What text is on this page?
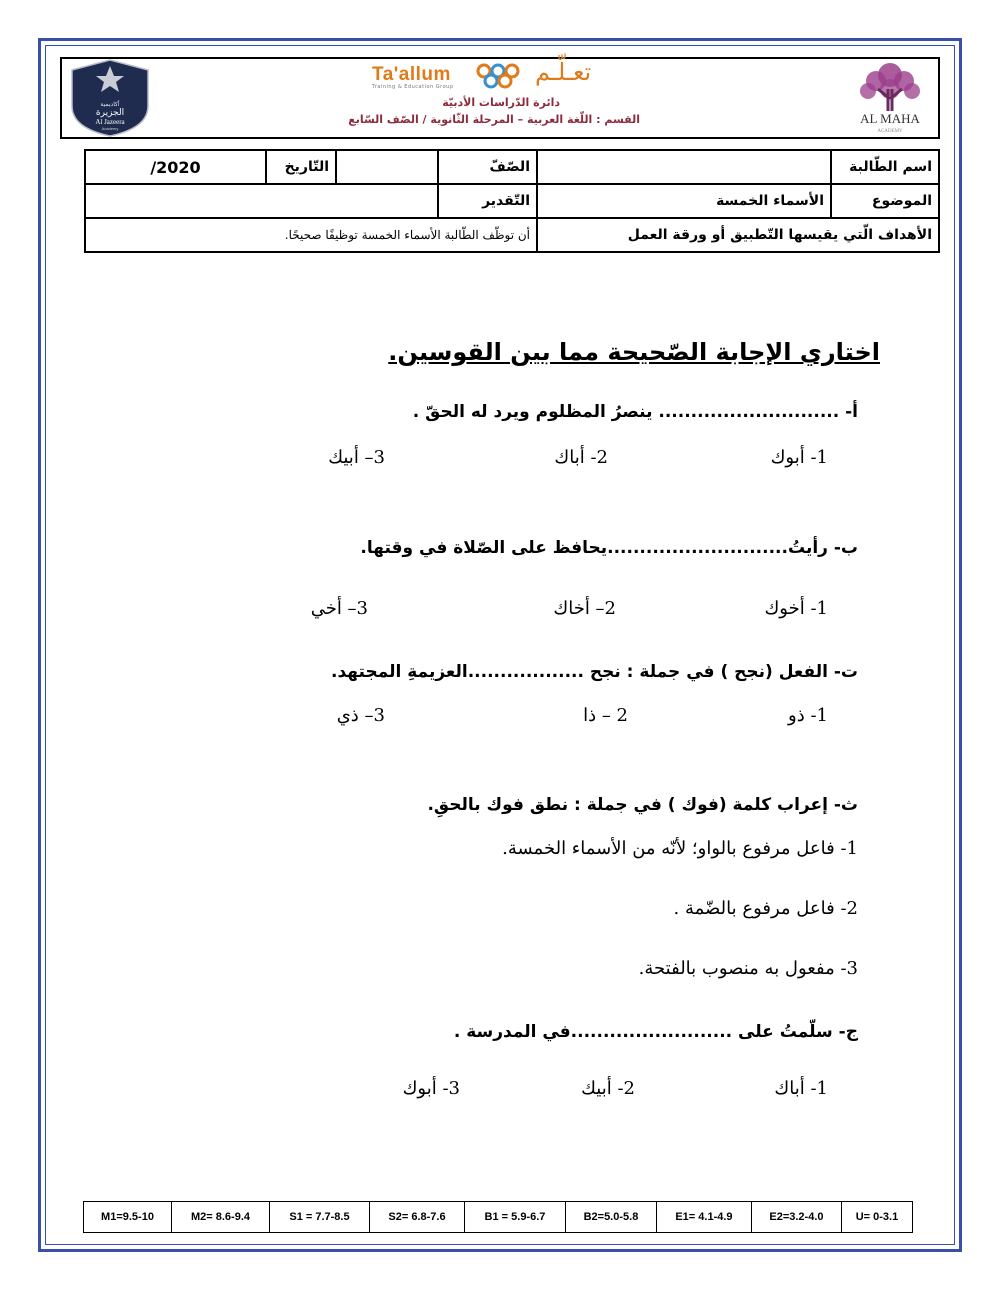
أكاديمية
الجزيرة
Al Jazeera
Academy
Ta'allum	تعـلّـم
Training & Education Group
دائرة الدّراسات الأدبيّة
القسم : اللّغة العربية – المرحلة الثّانوية / الصّف السّابع	AL MAHA
ACADEMY
اسم الطّالبة		الصّفّ		التّاريخ	2020/
الموضوع	الأسماء الخمسة	التّقدير			
الأهداف الّتي يقيسها التّطبيق أو ورقة العمل		أن توظّف الطّالبة الأسماء الخمسة توظيفًا صحيحًا.			
اختاري الإجابة الصّحيحة مما بين القوسين.
أ- ............................ ينصرُ المظلوم ويرد له الحقّ .
1- أبوك
2- أباك
3– أبيك
ب- رأيتُ............................يحافظ على الصّلاة في وقتها.
1- أخوك
2– أخاك
3– أخي
ت- الفعل (نجح ) في جملة : نجح ..................العزيمةِ المجتهد.
1- ذو
2 – ذا
3– ذي
ث- إعراب كلمة (فوك ) في جملة : نطق فوك بالحقِ.
1- فاعل مرفوع بالواو؛ لأنّه من الأسماء الخمسة.
2- فاعل مرفوع بالضّمة .
3- مفعول به منصوب بالفتحة.
ج- سلّمتُ على .........................في المدرسة .
1- أباك
2- أبيك
3- أبوك
M1=9.5-10	M2= 8.6-9.4	S1 = 7.7-8.5	S2= 6.8-7.6	B1 = 5.9-6.7	B2=5.0-5.8	E1= 4.1-4.9	E2=3.2-4.0	U= 0-3.1
